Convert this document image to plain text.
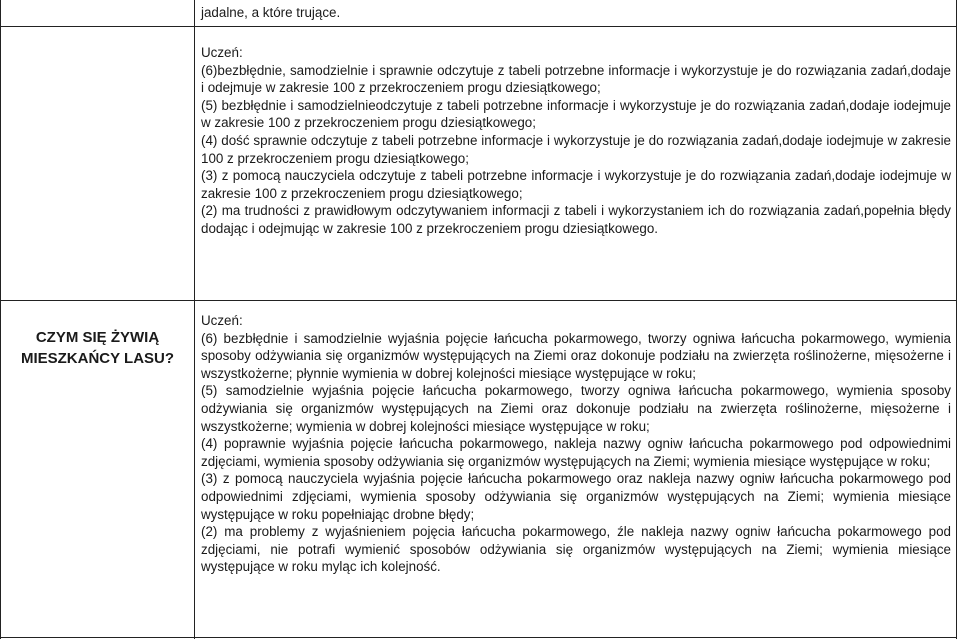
jadalne, a które trujące.

Uczeń:

(6)bezbłędnie, samodzielnie i sprawnie odczytuje z tabeli potrzebne informacje i wykorzystuje je do rozwiązania zadań,dodaje i odejmuje w zakresie 100 z przekroczeniem progu dziesiątkowego;

(5) bezbłędnie i samodzielnieodczytuje z tabeli potrzebne informacje i wykorzystuje je do rozwiązania zadań,dodaje iodejmuje w zakresie 100 z przekroczeniem progu dziesiątkowego;

(4) dość sprawnie odczytuje z tabeli potrzebne informacje i wykorzystuje je do rozwiązania zadań,dodaje iodejmuje w zakresie 100 z przekroczeniem progu dziesiątkowego;

(3) z pomocą nauczyciela odczytuje z tabeli potrzebne informacje i wykorzystuje je do rozwiązania zadań,dodaje iodejmuje w zakresie 100 z przekroczeniem progu dziesiątkowego;

(2) ma trudności z prawidłowym odczytywaniem informacji z tabeli i wykorzystaniem ich do rozwiązania zadań,popełnia błędy dodając i odejmując w zakresie 100 z przekroczeniem progu dziesiątkowego.

CZYM SIĘ ŻYWIĄ MIESZKAŃCY LASU?

Uczeń:

(6) bezbłędnie i samodzielnie wyjaśnia pojęcie łańcucha pokarmowego, tworzy ogniwa łańcucha pokarmowego, wymienia sposoby odżywiania się organizmów występujących na Ziemi oraz dokonuje podziału na zwierzęta roślinożerne, mięsożerne i wszystkożerne; płynnie wymienia w dobrej kolejności miesiące występujące w roku;

(5) samodzielnie wyjaśnia pojęcie łańcucha pokarmowego, tworzy ogniwa łańcucha pokarmowego, wymienia sposoby odżywiania się organizmów występujących na Ziemi oraz dokonuje podziału na zwierzęta roślinożerne, mięsożerne i wszystkożerne; wymienia w dobrej kolejności miesiące występujące w roku;

(4) poprawnie wyjaśnia pojęcie łańcucha pokarmowego, nakleja nazwy ogniw łańcucha pokarmowego pod odpowiednimi zdjęciami, wymienia sposoby odżywiania się organizmów występujących na Ziemi; wymienia miesiące występujące w roku;

(3) z pomocą nauczyciela wyjaśnia pojęcie łańcucha pokarmowego oraz nakleja nazwy ogniw łańcucha pokarmowego pod odpowiednimi zdjęciami, wymienia sposoby odżywiania się organizmów występujących na Ziemi; wymienia miesiące występujące w roku popełniając drobne błędy;

(2) ma problemy z wyjaśnieniem pojęcia łańcucha pokarmowego, źle nakleja nazwy ogniw łańcucha pokarmowego pod zdjęciami, nie potrafi wymienić sposobów odżywiania się organizmów występujących na Ziemi; wymienia miesiące występujące w roku myląc ich kolejność.
